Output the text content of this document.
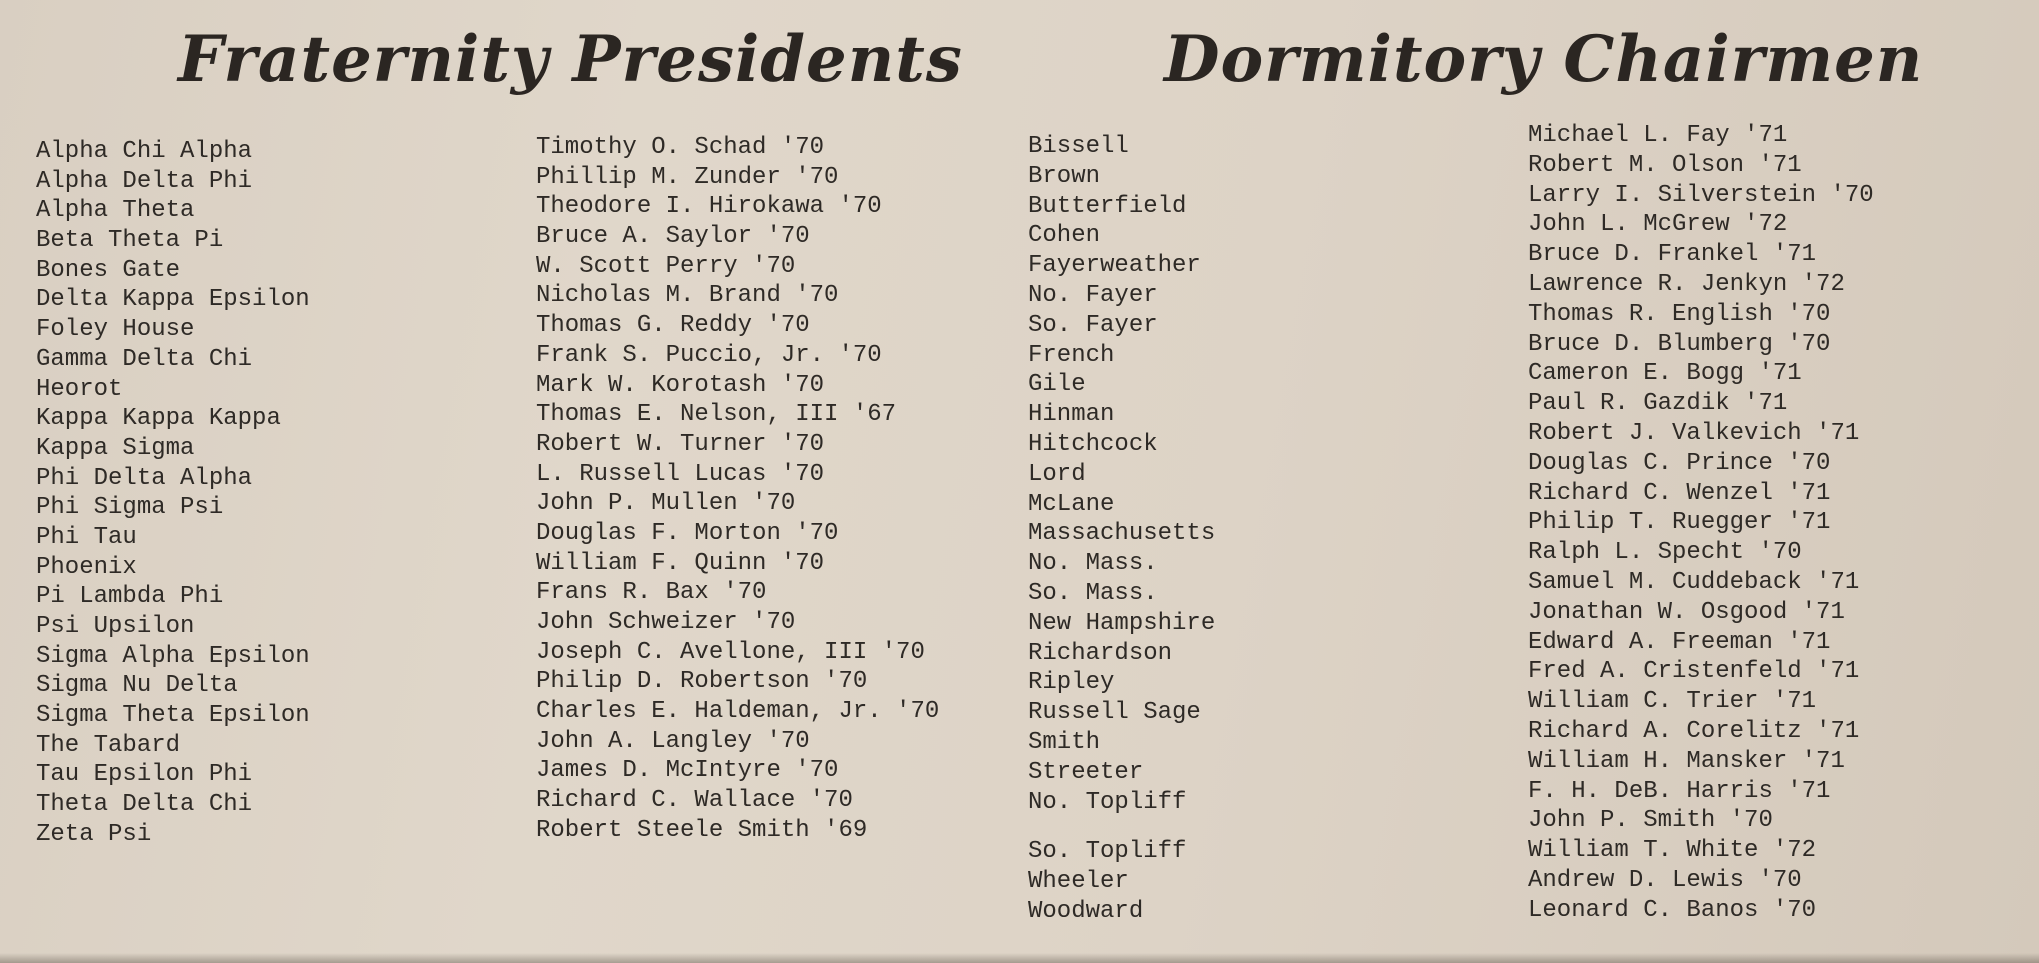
Fraternity Presidents	Dormitory Chairmen
Alpha Chi Alpha
Alpha Delta Phi
Alpha Theta
Beta Theta Pi
Bones Gate
Delta Kappa Epsilon
Foley House
Gamma Delta Chi
Heorot
Kappa Kappa Kappa
Kappa Sigma
Phi Delta Alpha
Phi Sigma Psi
Phi Tau
Phoenix
Pi Lambda Phi
Psi Upsilon
Sigma Alpha Epsilon
Sigma Nu Delta
Sigma Theta Epsilon
The Tabard
Tau Epsilon Phi
Theta Delta Chi
Zeta Psi
Timothy O. Schad '70
Phillip M. Zunder '70
Theodore I. Hirokawa '70
Bruce A. Saylor '70
W. Scott Perry '70
Nicholas M. Brand '70
Thomas G. Reddy '70
Frank S. Puccio, Jr. '70
Mark W. Korotash '70
Thomas E. Nelson, III '67
Robert W. Turner '70
L. Russell Lucas '70
John P. Mullen '70
Douglas F. Morton '70
William F. Quinn '70
Frans R. Bax '70
John Schweizer '70
Joseph C. Avellone, III '70
Philip D. Robertson '70
Charles E. Haldeman, Jr. '70
John A. Langley '70
James D. McIntyre '70
Richard C. Wallace '70
Robert Steele Smith '69
Bissell
Brown
Butterfield
Cohen
Fayerweather
No. Fayer
So. Fayer
French
Gile
Hinman
Hitchcock
Lord
McLane
Massachusetts
No. Mass.
So. Mass.
New Hampshire
Richardson
Ripley
Russell Sage
Smith
Streeter
No. Topliff
So. Topliff
Wheeler
Woodward
Michael L. Fay '71
Robert M. Olson '71
Larry I. Silverstein '70
John L. McGrew '72
Bruce D. Frankel '71
Lawrence R. Jenkyn '72
Thomas R. English '70
Bruce D. Blumberg '70
Cameron E. Bogg '71
Paul R. Gazdik '71
Robert J. Valkevich '71
Douglas C. Prince '70
Richard C. Wenzel '71
Philip T. Ruegger '71
Ralph L. Specht '70
Samuel M. Cuddeback '71
Jonathan W. Osgood '71
Edward A. Freeman '71
Fred A. Cristenfeld '71
William C. Trier '71
Richard A. Corelitz '71
William H. Mansker '71
F. H. DeB. Harris '71
John P. Smith '70
William T. White '72
Andrew D. Lewis '70
Leonard C. Banos '70
